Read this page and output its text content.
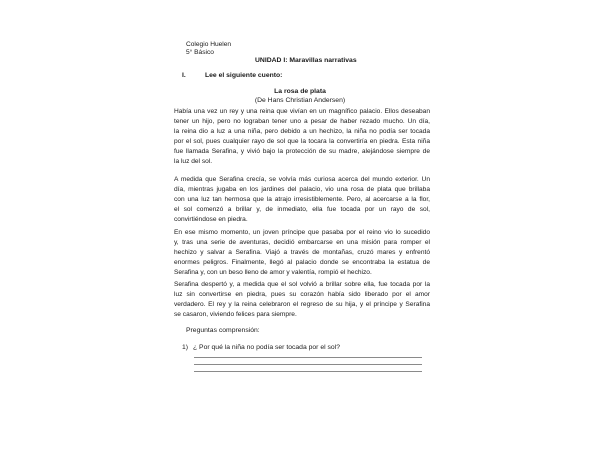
Colegio Huelen
5° Básico
UNIDAD I: Maravillas narrativas
I.	Lee el siguiente cuento:
La rosa de plata
(De Hans Christian Andersen)
Había una vez un rey y una reina que vivían en un magnífico palacio. Ellos deseaban
tener un hijo, pero no lograban tener uno a pesar de haber rezado mucho. Un día,
la reina dio a luz a una niña, pero debido a un hechizo, la niña no podía ser tocada
por el sol, pues cualquier rayo de sol que la tocara la convertiría en piedra. Esta niña
fue llamada Serafina, y vivió bajo la protección de su madre, alejándose siempre de
la luz del sol.
A medida que Serafina crecía, se volvía más curiosa acerca del mundo exterior. Un
día, mientras jugaba en los jardines del palacio, vio una rosa de plata que brillaba
con una luz tan hermosa que la atrajo irresistiblemente. Pero, al acercarse a la flor,
el sol comenzó a brillar y, de inmediato, ella fue tocada por un rayo de sol,
convirtiéndose en piedra.
En ese mismo momento, un joven príncipe que pasaba por el reino vio lo sucedido
y, tras una serie de aventuras, decidió embarcarse en una misión para romper el
hechizo y salvar a Serafina. Viajó a través de montañas, cruzó mares y enfrentó
enormes peligros. Finalmente, llegó al palacio donde se encontraba la estatua de
Serafina y, con un beso lleno de amor y valentía, rompió el hechizo.
Serafina despertó y, a medida que el sol volvió a brillar sobre ella, fue tocada por la
luz sin convertirse en piedra, pues su corazón había sido liberado por el amor
verdadero. El rey y la reina celebraron el regreso de su hija, y el príncipe y Serafina
se casaron, viviendo felices para siempre.
Preguntas comprensión:
1) ¿ Por qué la niña no podía ser tocada por el sol?
